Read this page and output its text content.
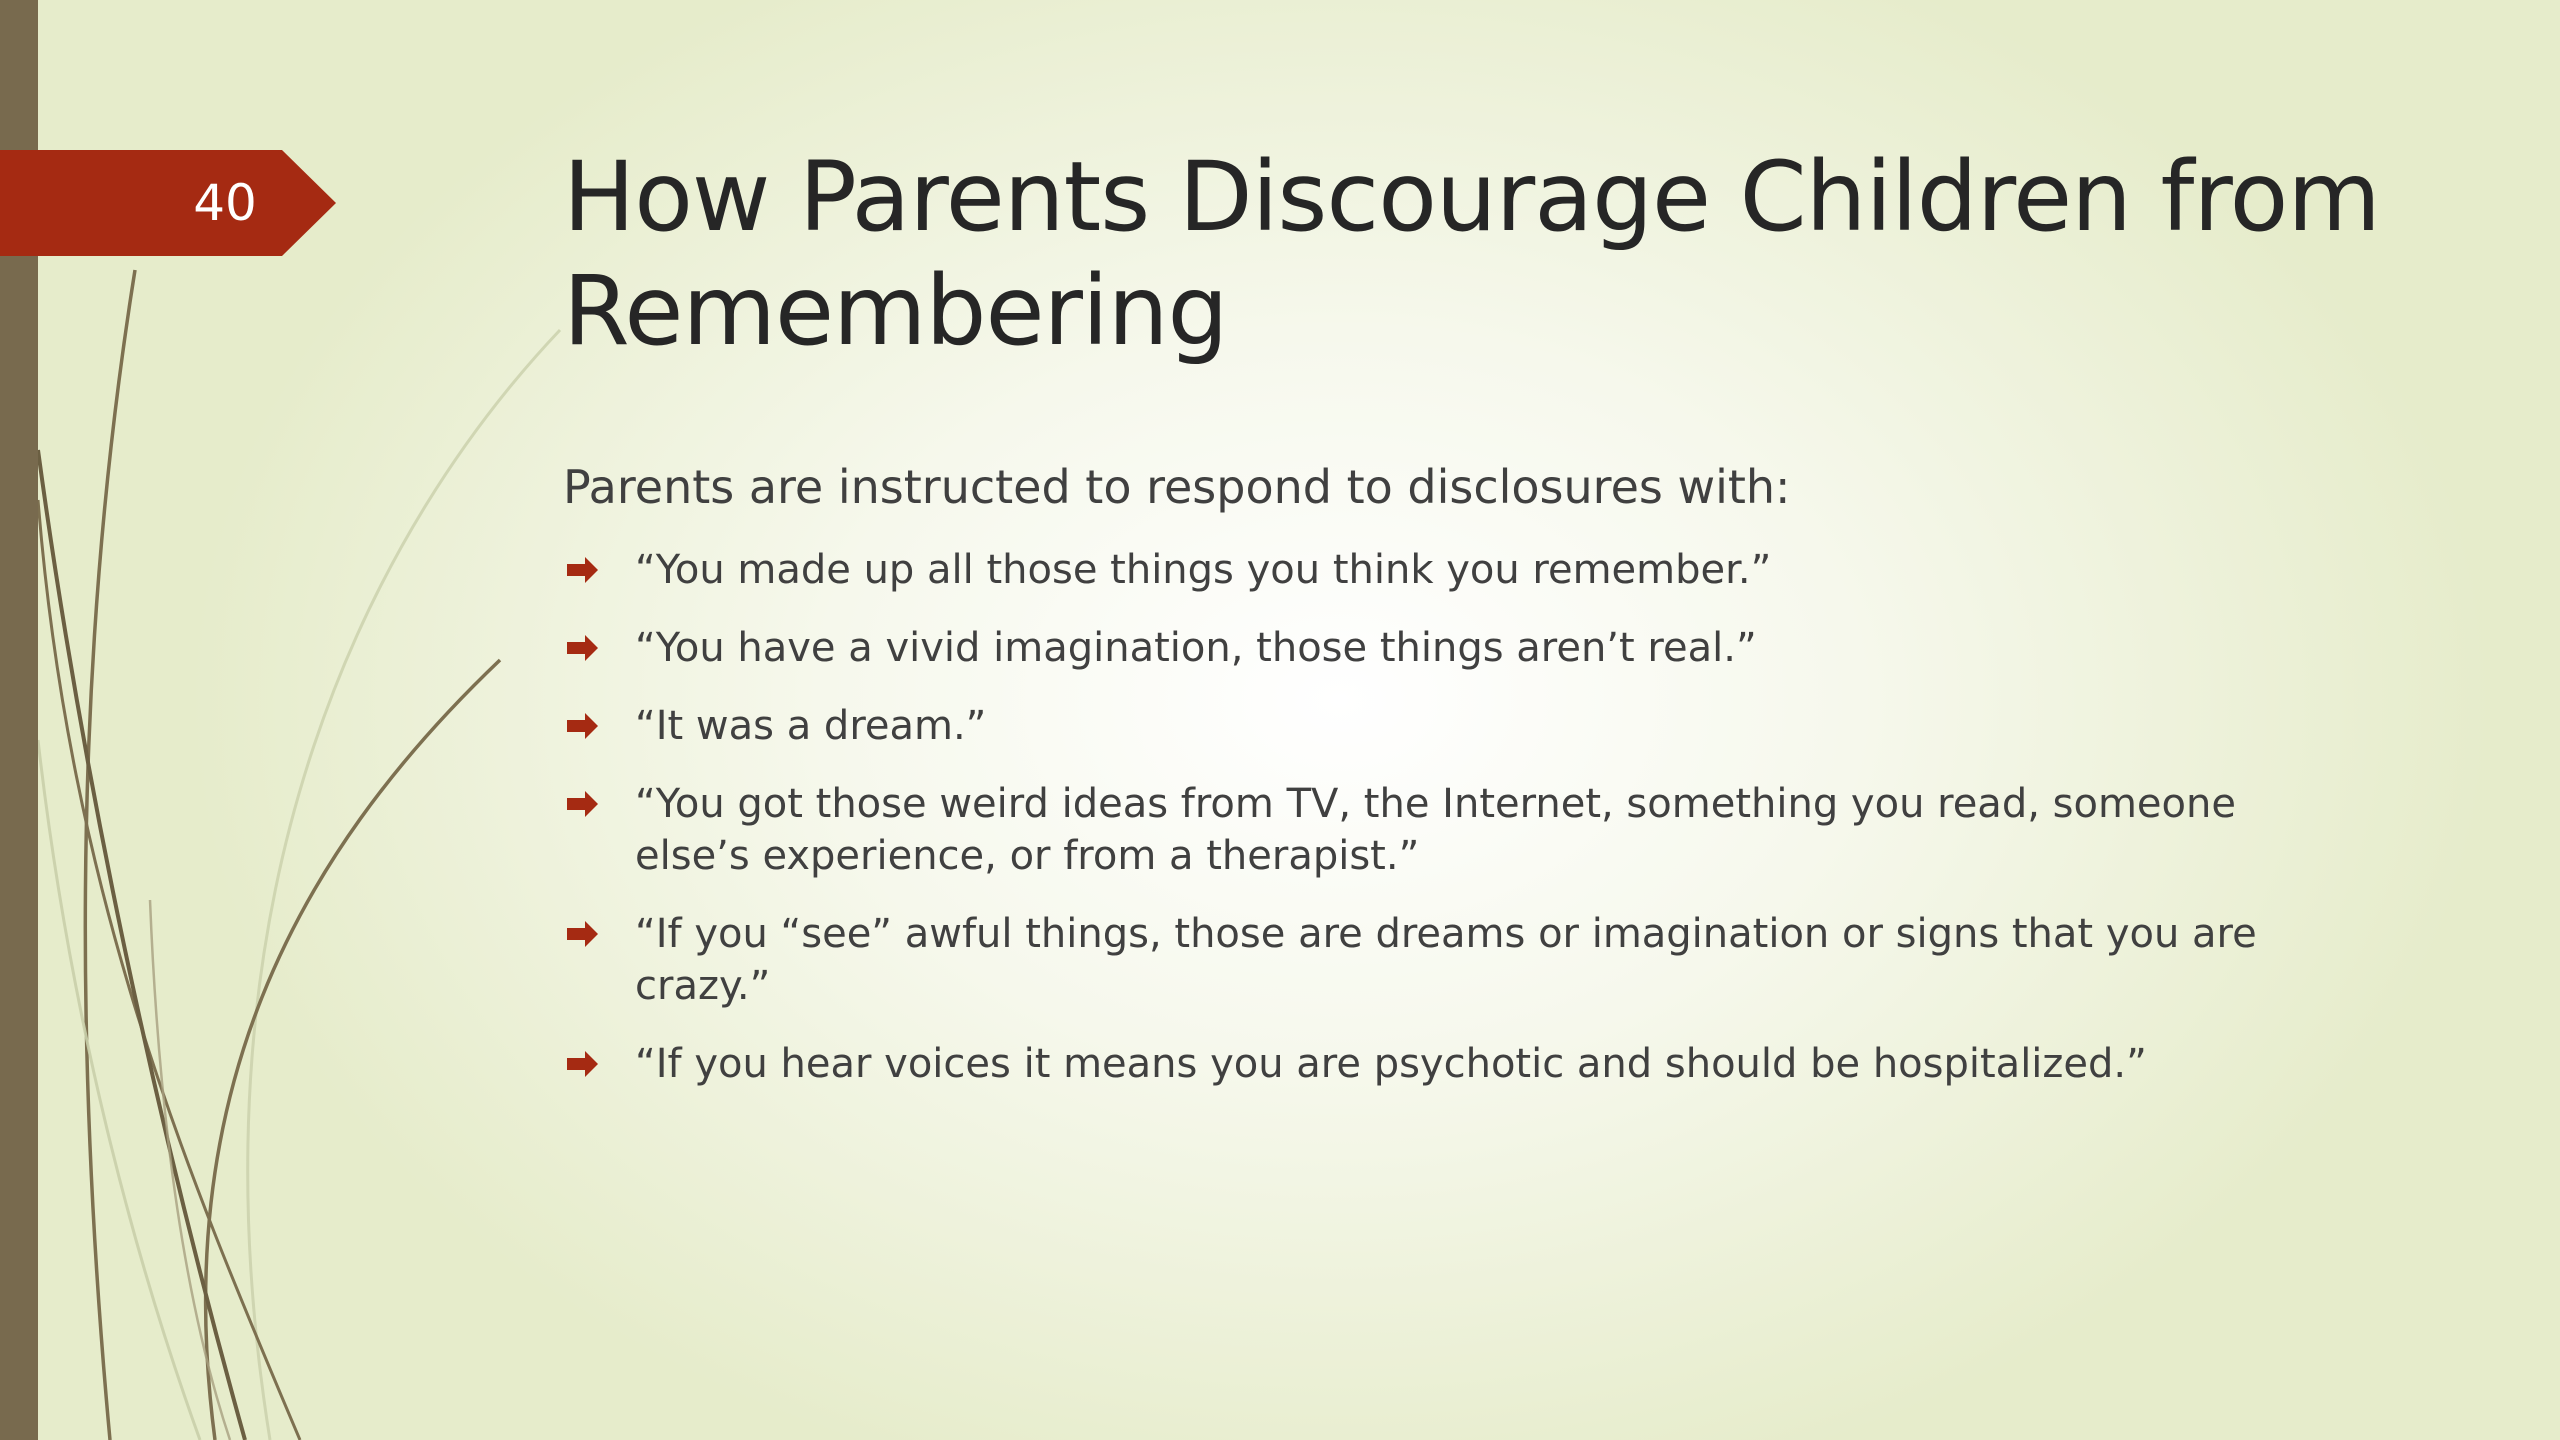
40	How Parents Discourage Children from Remembering

Parents are instructed to respond to disclosures with:

“You made up all those things you think you remember.”
“You have a vivid imagination, those things aren’t real.”
“It was a dream.”
“You got those weird ideas from TV, the Internet, something you read, someone else’s experience, or from a therapist.”
“If you “see” awful things, those are dreams or imagination or signs that you are crazy.”
“If you hear voices it means you are psychotic and should be hospitalized.”
